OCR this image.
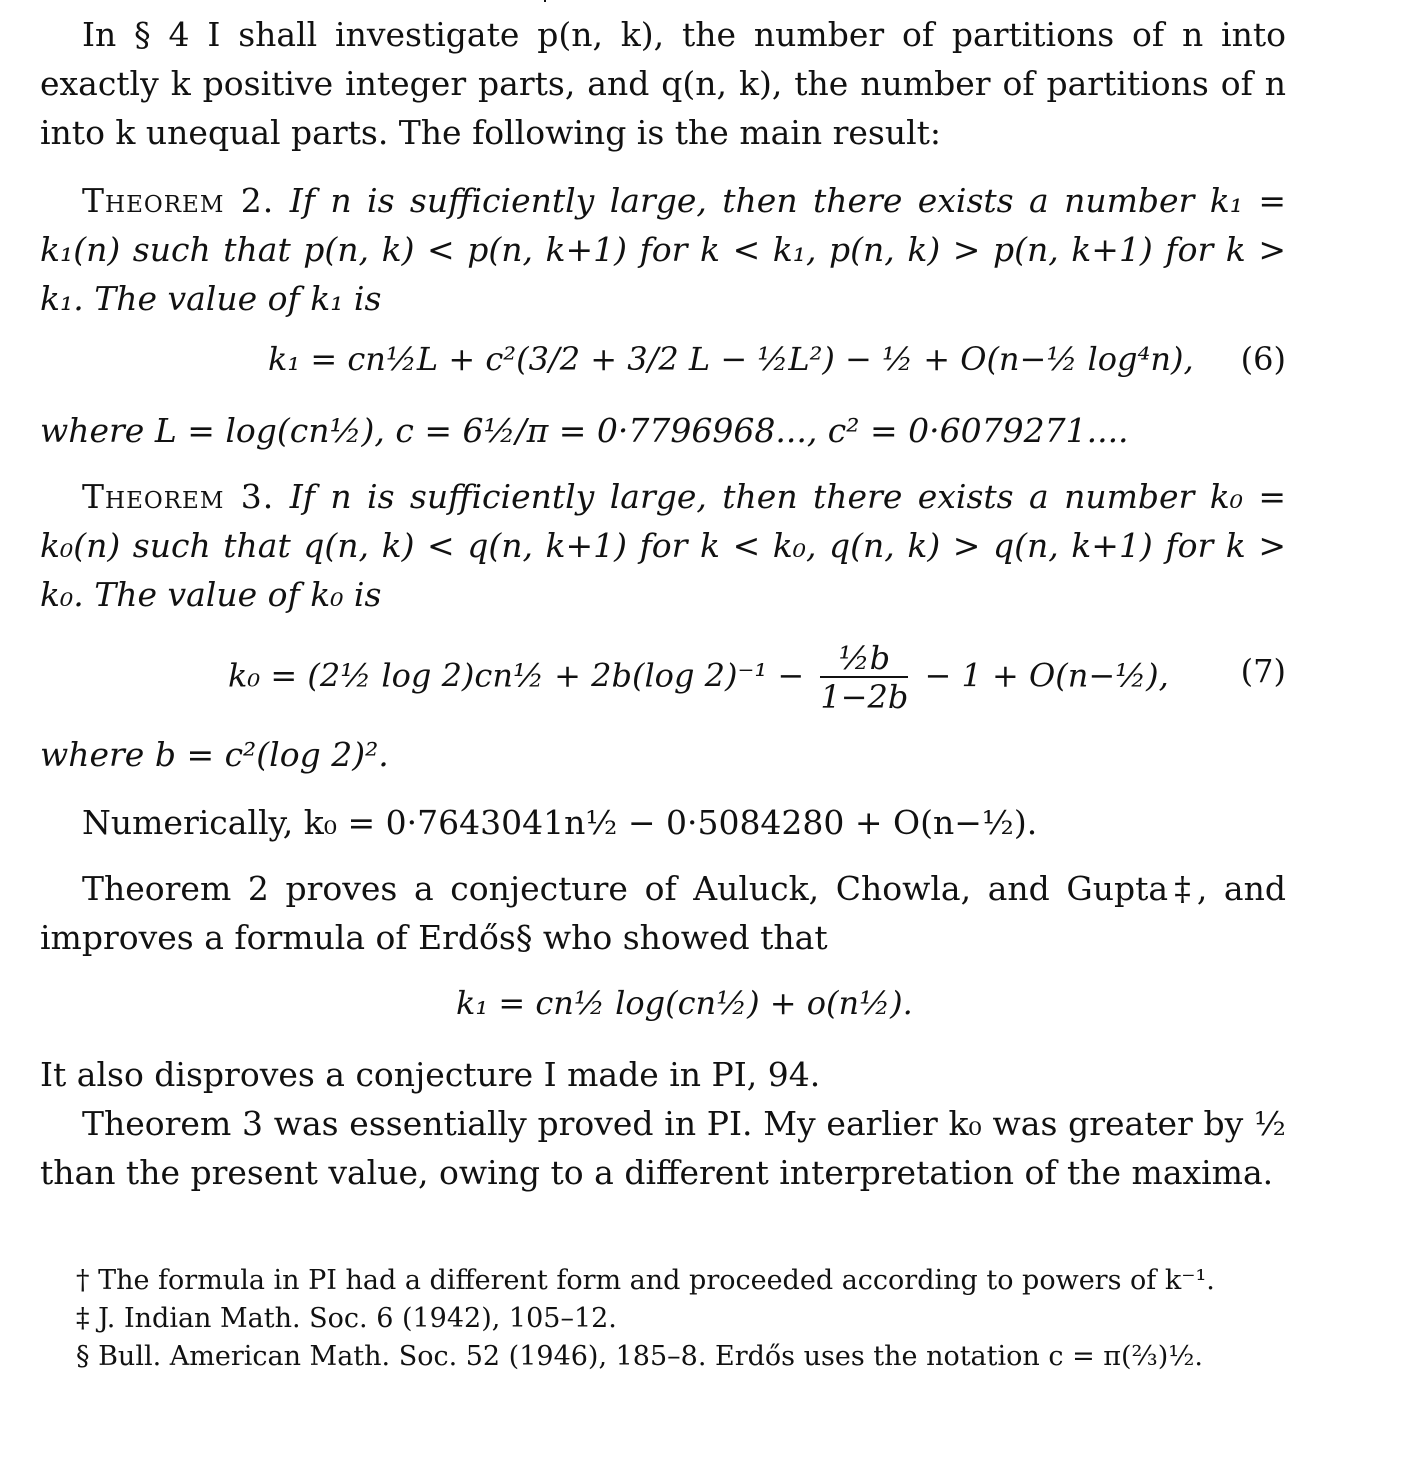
In § 4 I shall investigate p(n, k), the number of partitions of n into exactly k positive integer parts, and q(n, k), the number of partitions of n into k unequal parts. The following is the main result:

Theorem 2. If n is sufficiently large, then there exists a number k₁ = k₁(n) such that p(n, k) < p(n, k+1) for k < k₁, p(n, k) > p(n, k+1) for k > k₁. The value of k₁ is

k₁ = cn½L + c²(3/2 + 3/2 L − ½L²) − ½ + O(n−½ log⁴n), (6)

where L = log(cn½), c = 6½/π = 0·7796968..., c² = 0·6079271....

Theorem 3. If n is sufficiently large, then there exists a number k₀ = k₀(n) such that q(n, k) < q(n, k+1) for k < k₀, q(n, k) > q(n, k+1) for k > k₀. The value of k₀ is

k₀ = (2½ log 2)cn½ + 2b(log $2)^{-1} - \frac{\text{½b}}{1-2b} - 1$ + O(n−½), (7)

where b = c²(log 2)².

Numerically, k₀ = 0·7643041n½ − 0·5084280 + O(n−½).

Theorem 2 proves a conjecture of Auluck, Chowla, and Gupta‡, and improves a formula of Erdős§ who showed that

k₁ = cn½ log(cn½) + o(n½).

It also disproves a conjecture I made in PI, 94.

Theorem 3 was essentially proved in PI. My earlier k₀ was greater by ½ than the present value, owing to a different interpretation of the maxima.

† The formula in PI had a different form and proceeded according to powers of k⁻¹.

‡ J. Indian Math. Soc. 6 (1942), 105–12.

§ Bull. American Math. Soc. 52 (1946), 185–8. Erdős uses the notation c = π(⅔)½.
